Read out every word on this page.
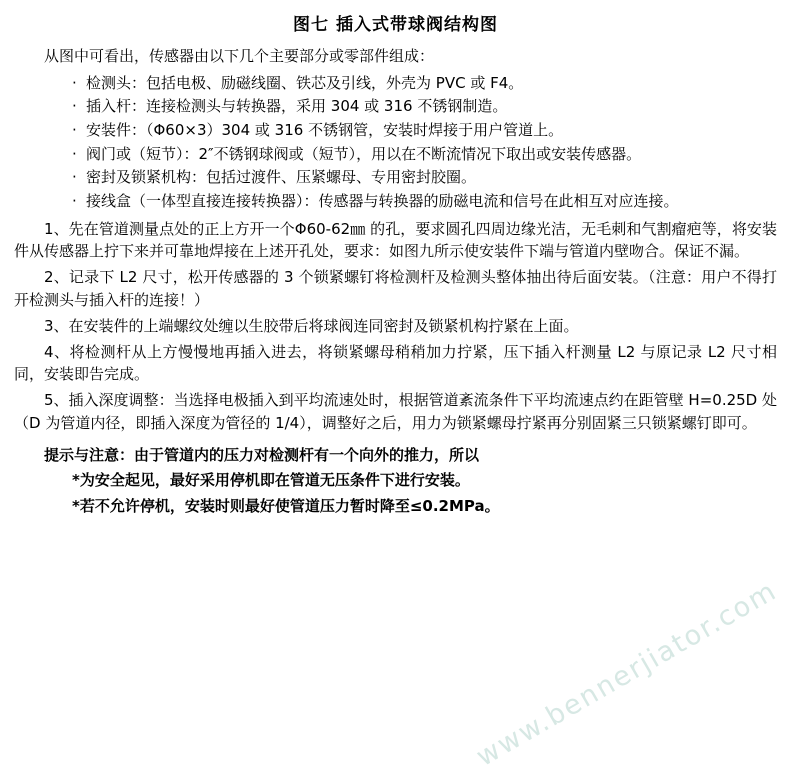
www.bennerjiator.com
图七 插入式带球阀结构图

从图中可看出，传感器由以下几个主要部分或零部件组成：

· 检测头：包括电极、励磁线圈、铁芯及引线，外壳为 PVC 或 F4。
· 插入杆：连接检测头与转换器，采用 304 或 316 不锈钢制造。
· 安装件：（Φ60×3）304 或 316 不锈钢管，安装时焊接于用户管道上。
· 阀门或（短节）：2″不锈钢球阀或（短节），用以在不断流情况下取出或安装传感器。
· 密封及锁紧机构：包括过渡件、压紧螺母、专用密封胶圈。
· 接线盒（一体型直接连接转换器）：传感器与转换器的励磁电流和信号在此相互对应连接。

1、先在管道测量点处的正上方开一个Φ60-62㎜ 的孔，要求圆孔四周边缘光洁，无毛刺和气割瘤疤等，将安装件从传感器上拧下来并可靠地焊接在上述开孔处，要求：如图九所示使安装件下端与管道内壁吻合。保证不漏。

2、记录下 L2 尺寸，松开传感器的 3 个锁紧螺钉将检测杆及检测头整体抽出待后面安装。（注意：用户不得打开检测头与插入杆的连接！）

3、在安装件的上端螺纹处缠以生胶带后将球阀连同密封及锁紧机构拧紧在上面。

4、将检测杆从上方慢慢地再插入进去，将锁紧螺母稍稍加力拧紧，压下插入杆测量 L2 与原记录 L2 尺寸相同，安装即告完成。

5、插入深度调整：当选择电极插入到平均流速处时，根据管道紊流条件下平均流速点约在距管壁 H=0.25D 处（D 为管道内径，即插入深度为管径的 1/4），调整好之后，用力为锁紧螺母拧紧再分别固紧三只锁紧螺钉即可。

提示与注意：由于管道内的压力对检测杆有一个向外的推力，所以

*为安全起见，最好采用停机即在管道无压条件下进行安装。

*若不允许停机，安装时则最好使管道压力暂时降至≤0.2MPa。
